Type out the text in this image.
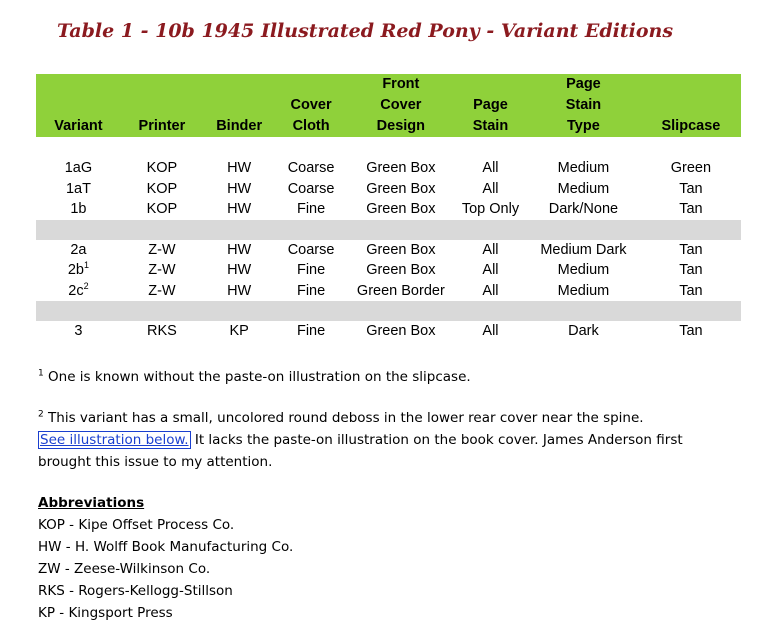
Table 1 - 10b 1945 Illustrated Red Pony - Variant Editions
				Front		Page	
			Cover	Cover	Page	Stain	
Variant	Printer	Binder	Cloth	Design	Stain	Type	Slipcase

1aG	KOP	HW	Coarse	Green Box	All	Medium	Green
1aT	KOP	HW	Coarse	Green Box	All	Medium	Tan
1b	KOP	HW	Fine	Green Box	Top Only	Dark/None	Tan

2a	Z-W	HW	Coarse	Green Box	All	Medium Dark	Tan
$2b^1$	Z-W	HW	Fine	Green Box	All	Medium	Tan
$2c^2$	Z-W	HW	Fine	Green Border	All	Medium	Tan

3	RKS	KP	Fine	Green Box	All	Dark	Tan

$^1$ One is known without the paste-on illustration on the slipcase.

$^2$ This variant has a small, uncolored round deboss in the lower rear cover near the spine.
See illustration below. It lacks the paste-on illustration on the book cover. James Anderson first brought this issue to my attention.

Abbreviations

KOP - Kipe Offset Process Co.

HW - H. Wolff Book Manufacturing Co.

ZW - Zeese-Wilkinson Co.

RKS - Rogers-Kellogg-Stillson

KP - Kingsport Press
